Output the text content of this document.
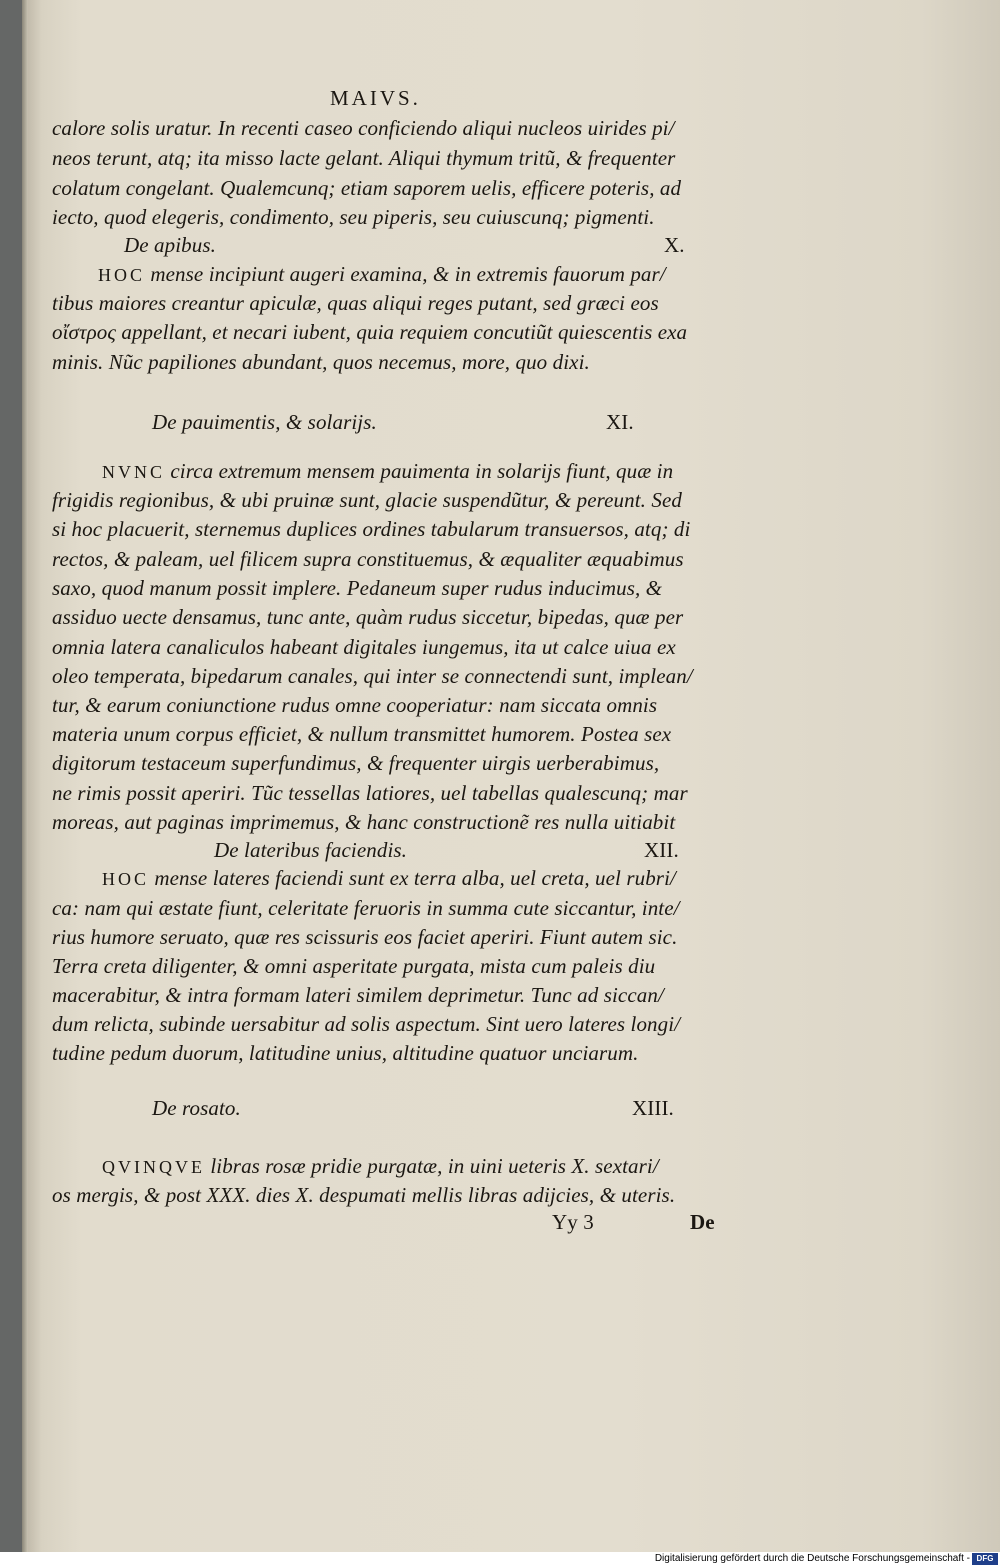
MAIVS.
calore solis uratur. In recenti caseo conficiendo aliqui nucleos uirides pi/
neos terunt, atq; ita misso lacte gelant. Aliqui thymum tritũ, & frequenter
colatum congelant. Qualemcunq; etiam saporem uelis, efficere poteris, ad
iecto, quod elegeris, condimento, seu piperis, seu cuiuscunq; pigmenti.
De apibus.	X.
HOC mense incipiunt augeri examina, & in extremis fauorum par/
tibus maiores creantur apiculæ, quas aliqui reges putant, sed græci eos
οἴστρος appellant, et necari iubent, quia requiem concutiũt quiescentis exa
minis. Nũc papiliones abundant, quos necemus, more, quo dixi.
De pauimentis, & solarijs.	XI.
NVNC circa extremum mensem pauimenta in solarijs fiunt, quæ in
frigidis regionibus, & ubi pruinæ sunt, glacie suspendũtur, & pereunt. Sed
si hoc placuerit, sternemus duplices ordines tabularum transuersos, atq; di
rectos, & paleam, uel filicem supra constituemus, & æqualiter æquabimus
saxo, quod manum possit implere. Pedaneum super rudus inducimus, &
assiduo uecte densamus, tunc ante, quàm rudus siccetur, bipedas, quæ per
omnia latera canaliculos habeant digitales iungemus, ita ut calce uiua ex
oleo temperata, bipedarum canales, qui inter se connectendi sunt, implean/
tur, & earum coniunctione rudus omne cooperiatur: nam siccata omnis
materia unum corpus efficiet, & nullum transmittet humorem. Postea sex
digitorum testaceum superfundimus, & frequenter uirgis uerberabimus,
ne rimis possit aperiri. Tũc tessellas latiores, uel tabellas qualescunq; mar
moreas, aut paginas imprimemus, & hanc constructionẽ res nulla uitiabit
De lateribus faciendis.	XII.
HOC mense lateres faciendi sunt ex terra alba, uel creta, uel rubri/
ca: nam qui æstate fiunt, celeritate feruoris in summa cute siccantur, inte/
rius humore seruato, quæ res scissuris eos faciet aperiri. Fiunt autem sic.
Terra creta diligenter, & omni asperitate purgata, mista cum paleis diu
macerabitur, & intra formam lateri similem deprimetur. Tunc ad siccan/
dum relicta, subinde uersabitur ad solis aspectum. Sint uero lateres longi/
tudine pedum duorum, latitudine unius, altitudine quatuor unciarum.
De rosato.	XIII.
QVINQVE libras rosæ pridie purgatæ, in uini ueteris X. sextari/
os mergis, & post XXX. dies X. despumati mellis libras adijcies, & uteris.
Yy 3	De
Digitalisierung gefördert durch die Deutsche Forschungsgemeinschaft - DFG
